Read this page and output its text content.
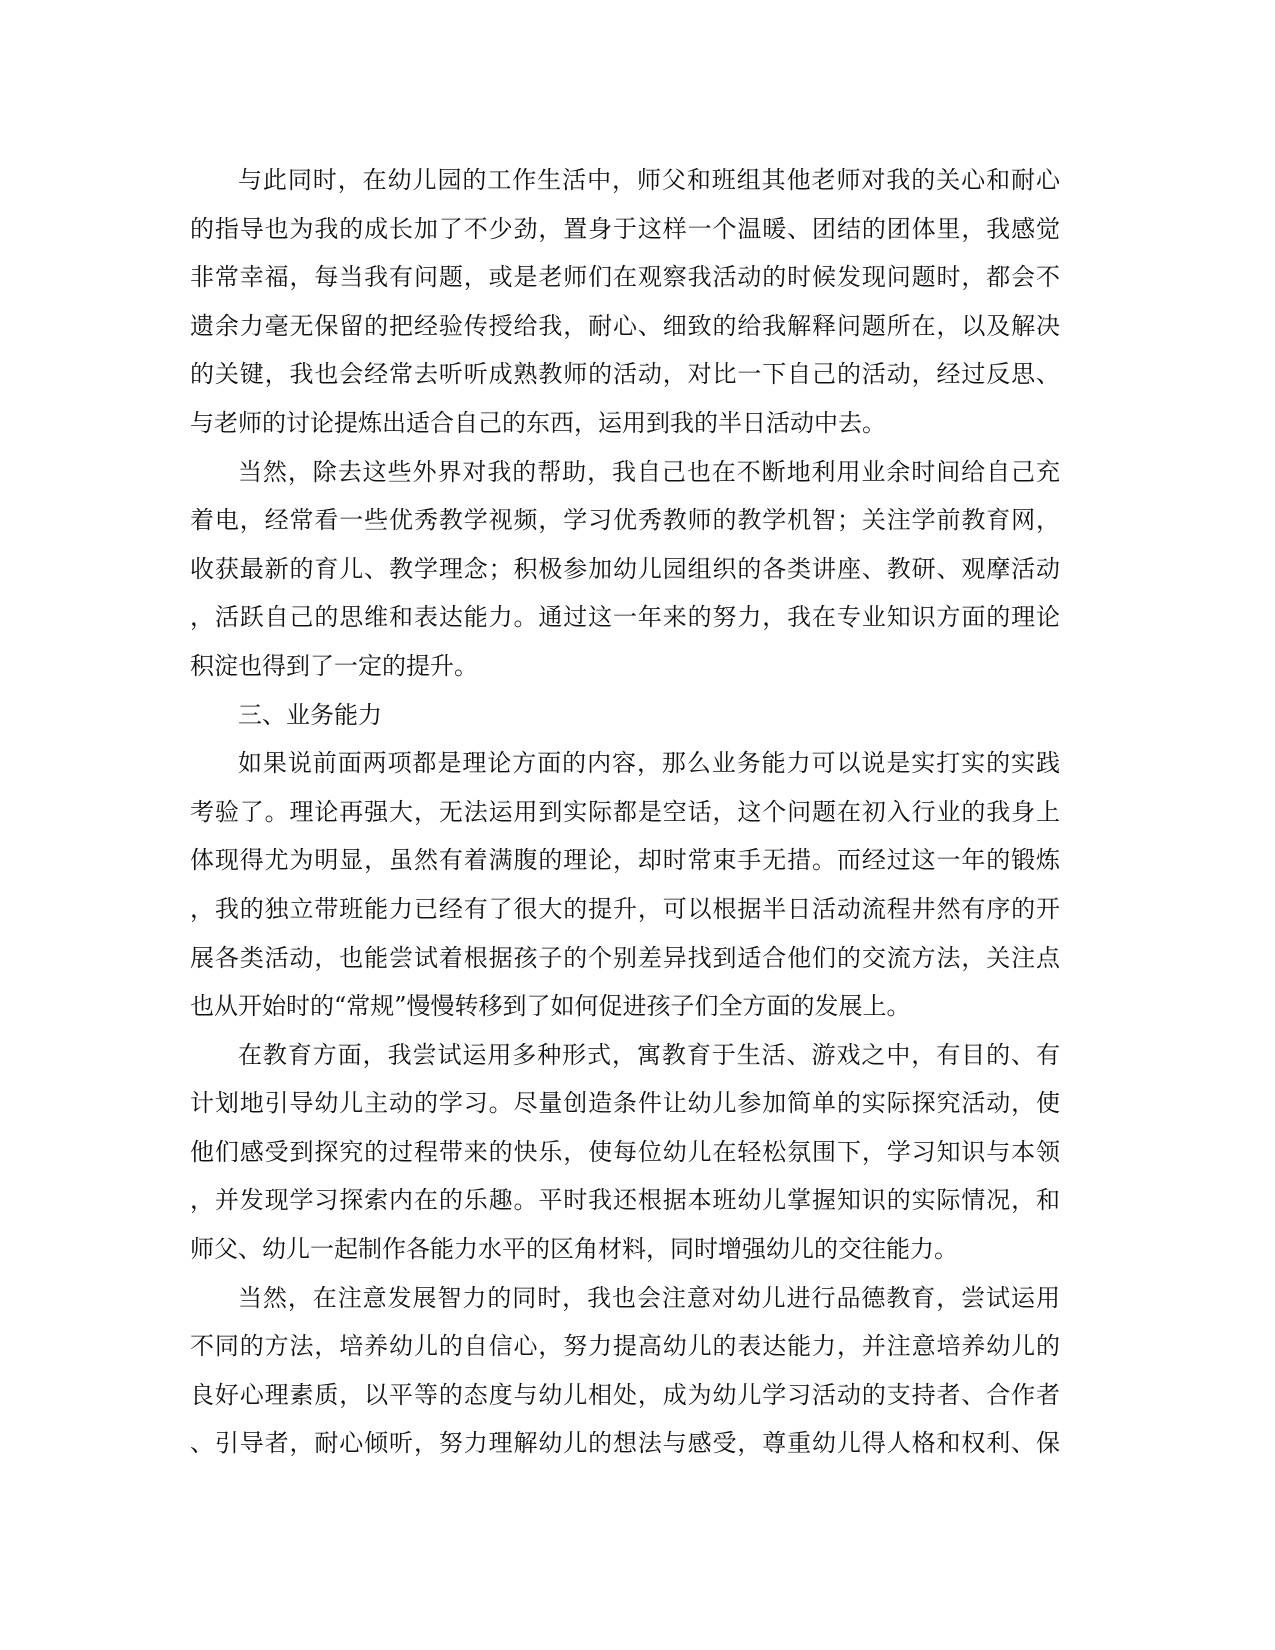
与此同时，在幼儿园的工作生活中，师父和班组其他老师对我的关心和耐心
的指导也为我的成长加了不少劲，置身于这样一个温暖、团结的团体里，我感觉
非常幸福，每当我有问题，或是老师们在观察我活动的时候发现问题时，都会不
遗余力毫无保留的把经验传授给我，耐心、细致的给我解释问题所在，以及解决
的关键，我也会经常去听听成熟教师的活动，对比一下自己的活动，经过反思、
与老师的讨论提炼出适合自己的东西，运用到我的半日活动中去。
当然，除去这些外界对我的帮助，我自己也在不断地利用业余时间给自己充
着电，经常看一些优秀教学视频，学习优秀教师的教学机智；关注学前教育网，
收获最新的育儿、教学理念；积极参加幼儿园组织的各类讲座、教研、观摩活动
，活跃自己的思维和表达能力。通过这一年来的努力，我在专业知识方面的理论
积淀也得到了一定的提升。
三、业务能力
如果说前面两项都是理论方面的内容，那么业务能力可以说是实打实的实践
考验了。理论再强大，无法运用到实际都是空话，这个问题在初入行业的我身上
体现得尤为明显，虽然有着满腹的理论，却时常束手无措。而经过这一年的锻炼
，我的独立带班能力已经有了很大的提升，可以根据半日活动流程井然有序的开
展各类活动，也能尝试着根据孩子的个别差异找到适合他们的交流方法，关注点
也从开始时的“常规”慢慢转移到了如何促进孩子们全方面的发展上。
在教育方面，我尝试运用多种形式，寓教育于生活、游戏之中，有目的、有
计划地引导幼儿主动的学习。尽量创造条件让幼儿参加简单的实际探究活动，使
他们感受到探究的过程带来的快乐，使每位幼儿在轻松氛围下，学习知识与本领
，并发现学习探索内在的乐趣。平时我还根据本班幼儿掌握知识的实际情况，和
师父、幼儿一起制作各能力水平的区角材料，同时增强幼儿的交往能力。
当然，在注意发展智力的同时，我也会注意对幼儿进行品德教育，尝试运用
不同的方法，培养幼儿的自信心，努力提高幼儿的表达能力，并注意培养幼儿的
良好心理素质，以平等的态度与幼儿相处，成为幼儿学习活动的支持者、合作者
、引导者，耐心倾听，努力理解幼儿的想法与感受，尊重幼儿得人格和权利、保
